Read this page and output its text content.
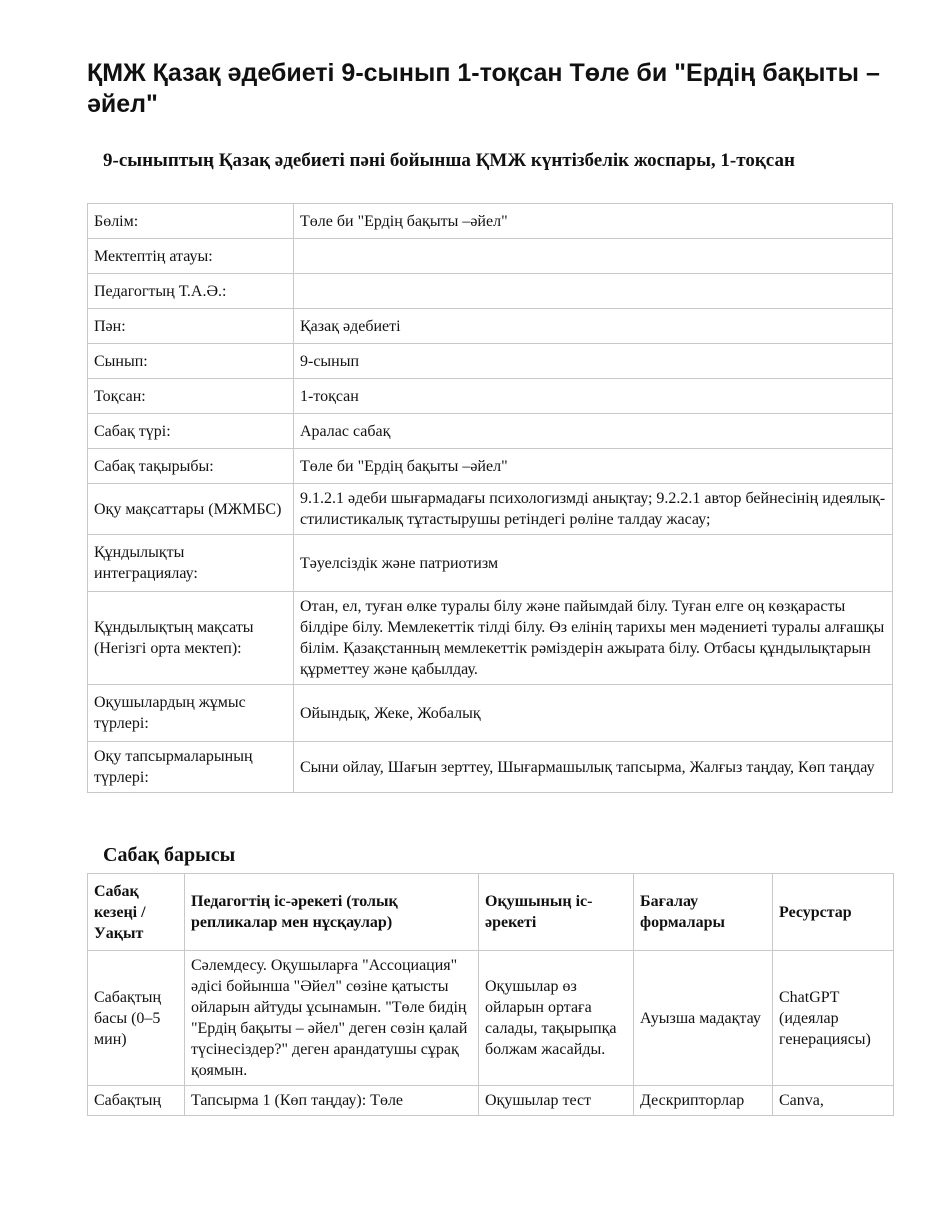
ҚМЖ Қазақ әдебиеті 9-сынып 1-тоқсан Төле би "Ердің бақыты –әйел"
9-сыныптың Қазақ әдебиеті пәні бойынша ҚМЖ күнтізбелік жоспары, 1-тоқсан
Бөлім:	Төле би "Ердің бақыты –әйел"
Мектептің атауы:	
Педагогтың Т.А.Ә.:	
Пән:	Қазақ әдебиеті
Сынып:	9-сынып
Тоқсан:	1-тоқсан
Сабақ түрі:	Аралас сабақ
Сабақ тақырыбы:	Төле би "Ердің бақыты –әйел"
Оқу мақсаттары (МЖМБС)	9.1.2.1 әдеби шығармадағы психологизмді анықтау; 9.2.2.1 автор бейнесінің идеялық-стилистикалық тұтастырушы ретіндегі рөліне талдау жасау;
Құндылықты интеграциялау:	Тәуелсіздік және патриотизм
Құндылықтың мақсаты (Негізгі орта мектеп):	Отан, ел, туған өлке туралы білу және пайымдай білу. Туған елге оң көзқарасты білдіре білу. Мемлекеттік тілді білу. Өз елінің тарихы мен мәдениеті туралы алғашқы білім. Қазақстанның мемлекеттік рәміздерін ажырата білу. Отбасы құндылықтарын құрметтеу және қабылдау.
Оқушылардың жұмыс түрлері:	Ойындық, Жеке, Жобалық
Оқу тапсырмаларының түрлері:	Сыни ойлау, Шағын зерттеу, Шығармашылық тапсырма, Жалғыз таңдау, Көп таңдау
Сабақ барысы
Сабақ кезеңі / Уақыт	Педагогтің іс-әрекеті (толық репликалар мен нұсқаулар)	Оқушының іс-әрекеті	Бағалау формалары	Ресурстар
Сабақтың басы (0–5 мин)	Сәлемдесу. Оқушыларға "Ассоциация" әдісі бойынша "Әйел" сөзіне қатысты ойларын айтуды ұсынамын. "Төле бидің "Ердің бақыты – әйел" деген сөзін қалай түсінесіздер?" деген арандатушы сұрақ қоямын.	Оқушылар өз ойларын ортаға салады, тақырыпқа болжам жасайды.	Ауызша мадақтау	ChatGPT (идеялар генерациясы)
Сабақтың	Тапсырма 1 (Көп таңдау): Төле	Оқушылар тест	Дескрипторлар	Canva,
